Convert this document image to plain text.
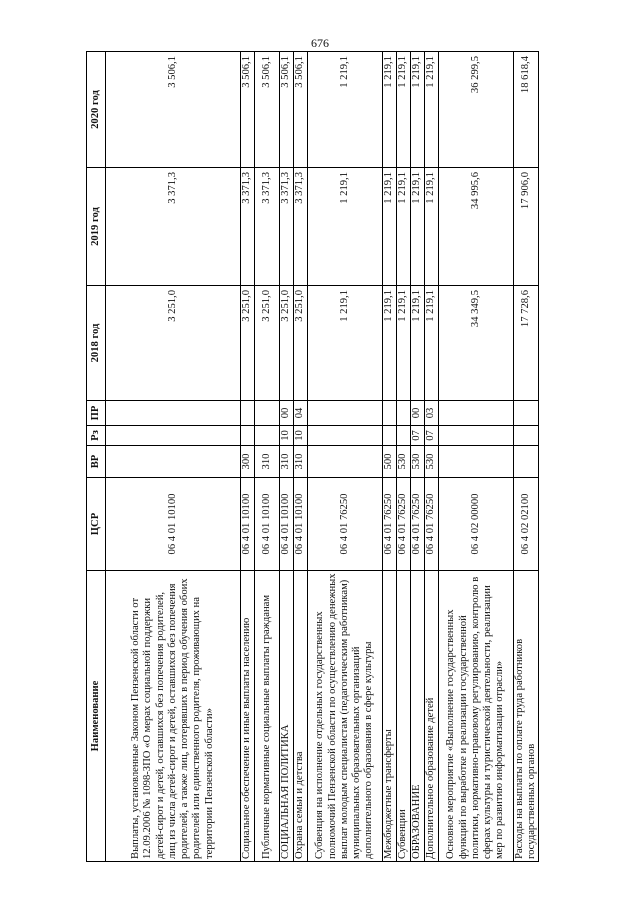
676
Наименование	ЦСР	ВР	Рз	ПР	2018 год	2019 год	2020 год
Выплаты, установленные Законом Пензенской области от 12.09.2006 № 1098-ЗПО «О мерах социальной поддержки детей-сирот и детей, оставшихся без попечения родителей, лиц из числа детей-сирот и детей, оставшихся без попечения родителей, а также лиц, потерявших в период обучения обоих родителей или единственного родителя, проживающих на территории Пензенской области»	06 4 01 10100				3 251,0	3 371,3	3 506,1
Социальное обеспечение и иные выплаты населению	06 4 01 10100	300			3 251,0	3 371,3	3 506,1
Публичные нормативные социальные выплаты гражданам	06 4 01 10100	310			3 251,0	3 371,3	3 506,1
СОЦИАЛЬНАЯ ПОЛИТИКА	06 4 01 10100	310	10	00	3 251,0	3 371,3	3 506,1
Охрана семьи и детства	06 4 01 10100	310	10	04	3 251,0	3 371,3	3 506,1
Субвенция на исполнение отдельных государственных полномочий Пензенской области по осуществлению денежных выплат молодым специалистам (педагогическим работникам) муниципальных образовательных организаций дополнительного образования в сфере культуры	06 4 01 76250				1 219,1	1 219,1	1 219,1
Межбюджетные трансферты	06 4 01 76250	500			1 219,1	1 219,1	1 219,1
Субвенции	06 4 01 76250	530			1 219,1	1 219,1	1 219,1
ОБРАЗОВАНИЕ	06 4 01 76250	530	07	00	1 219,1	1 219,1	1 219,1
Дополнительное образование детей	06 4 01 76250	530	07	03	1 219,1	1 219,1	1 219,1
Основное мероприятие «Выполнение государственных функций по выработке и реализации государственной политики, нормативно-правовому регулированию, контролю в сферах культуры и туристической деятельности, реализации мер по развитию информатизации отрасли»	06 4 02 00000				34 349,5	34 995,6	36 299,5
Расходы на выплаты по оплате труда работников государственных органов	06 4 02 02100				17 728,6	17 906,0	18 618,4
